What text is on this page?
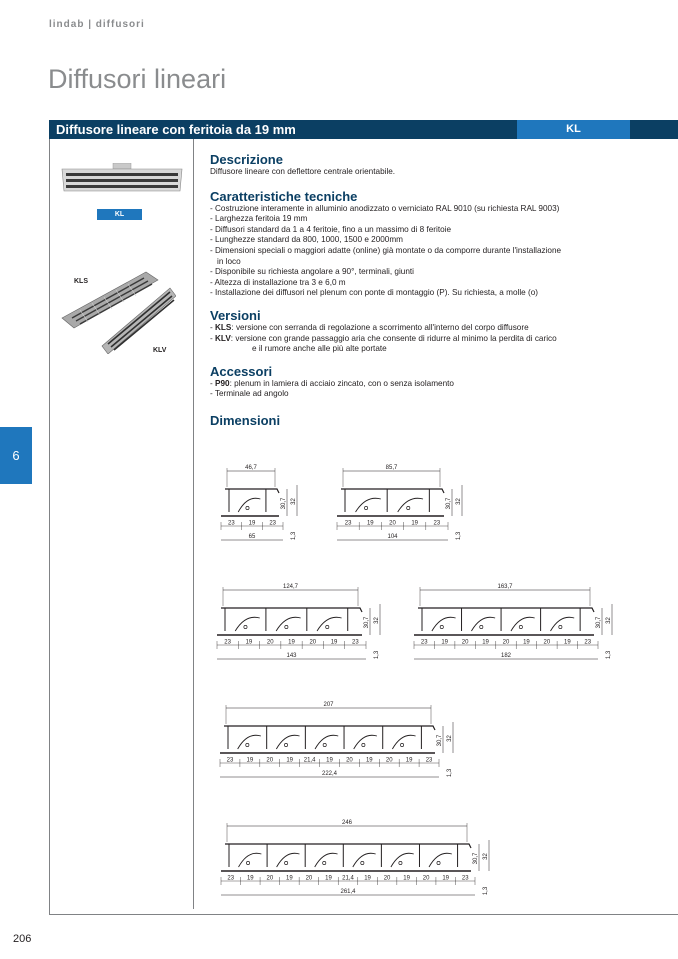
lindab | diffusori
Diffusori lineari
Diffusore lineare con feritoia da 19 mm	KL
6
206
KL
KLS
KLV
Descrizione

Diffusore lineare con deflettore centrale orientabile.

Caratteristiche tecniche

- Costruzione interamente in alluminio anodizzato o verniciato RAL 9010 (su richiesta RAL 9003)

- Larghezza feritoia 19 mm

- Diffusori standard da 1 a 4 feritoie, fino a un massimo di 8 feritoie

- Lunghezze standard da 800, 1000, 1500 e 2000mm

- Dimensioni speciali o maggiori adatte (online) già montate o da comporre durante l'installazione

in loco

- Disponibile su richiesta angolare a 90°, terminali, giunti

- Altezza di installazione tra 3 e 6,0 m

- Installazione dei diffusori nel plenum con ponte di montaggio (P). Su richiesta, a molle (o)

Versioni

- KLS: versione con serranda di regolazione a scorrimento all'interno del corpo diffusore

- KLV: versione con grande passaggio aria che consente di ridurre al minimo la perdita di carico

e il rumore anche alle più alte portate

Accessori

- P90: plenum in lamiera di acciaio zincato, con o senza isolamento

- Terminale ad angolo

Dimensioni
46,7
30,7 32
1,3
23 19 23
65
85,7
30,7 32
1,3
23	19	20	19	23
104
124,7
30,7 32
1,3
23 19 20 19 20 19 23
143
163,7
30,7 32
1,3
23 19 20 19 20 19 20 19 23
182
207
30,7 32
1,3
23 19 20 19 21,4 19 20 19 20 19 23
222,4
246
30,7 32
1,3
23 19 20 19 20 19 21,4 19 20 19 20 19 23
261,4
